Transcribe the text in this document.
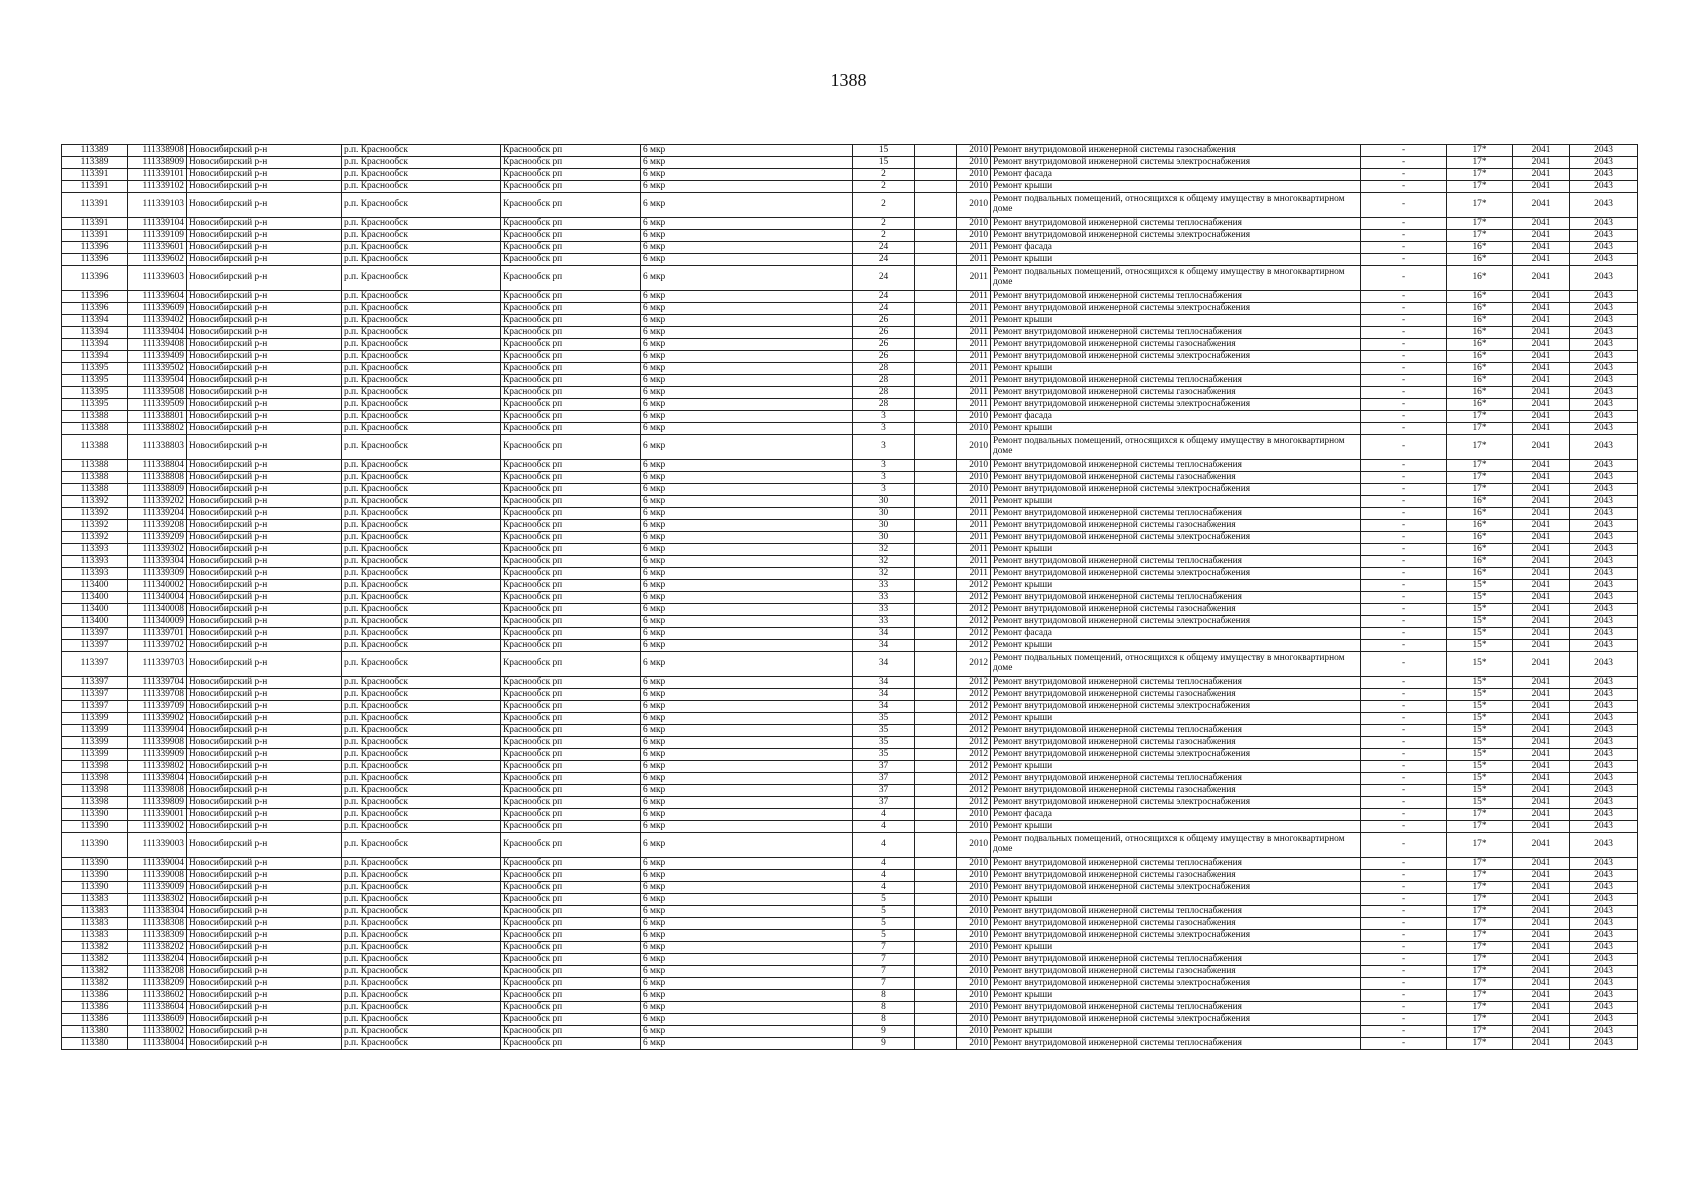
1388
113389	111338908	Новосибирский р-н	р.п. Краснообск	Краснообск рп	6 мкр	15		2010	Ремонт внутридомовой инженерной системы газоснабжения	-	17*	2041	2043
113389	111338909	Новосибирский р-н	р.п. Краснообск	Краснообск рп	6 мкр	15		2010	Ремонт внутридомовой инженерной системы электроснабжения	-	17*	2041	2043
113391	111339101	Новосибирский р-н	р.п. Краснообск	Краснообск рп	6 мкр	2		2010	Ремонт фасада	-	17*	2041	2043
113391	111339102	Новосибирский р-н	р.п. Краснообск	Краснообск рп	6 мкр	2		2010	Ремонт крыши	-	17*	2041	2043
113391	111339103	Новосибирский р-н	р.п. Краснообск	Краснообск рп	6 мкр	2		2010	Ремонт подвальных помещений, относящихся к общему имуществу в многоквартирном доме	-	17*	2041	2043
113391	111339104	Новосибирский р-н	р.п. Краснообск	Краснообск рп	6 мкр	2		2010	Ремонт внутридомовой инженерной системы теплоснабжения	-	17*	2041	2043
113391	111339109	Новосибирский р-н	р.п. Краснообск	Краснообск рп	6 мкр	2		2010	Ремонт внутридомовой инженерной системы электроснабжения	-	17*	2041	2043
113396	111339601	Новосибирский р-н	р.п. Краснообск	Краснообск рп	6 мкр	24		2011	Ремонт фасада	-	16*	2041	2043
113396	111339602	Новосибирский р-н	р.п. Краснообск	Краснообск рп	6 мкр	24		2011	Ремонт крыши	-	16*	2041	2043
113396	111339603	Новосибирский р-н	р.п. Краснообск	Краснообск рп	6 мкр	24		2011	Ремонт подвальных помещений, относящихся к общему имуществу в многоквартирном доме	-	16*	2041	2043
113396	111339604	Новосибирский р-н	р.п. Краснообск	Краснообск рп	6 мкр	24		2011	Ремонт внутридомовой инженерной системы теплоснабжения	-	16*	2041	2043
113396	111339609	Новосибирский р-н	р.п. Краснообск	Краснообск рп	6 мкр	24		2011	Ремонт внутридомовой инженерной системы электроснабжения	-	16*	2041	2043
113394	111339402	Новосибирский р-н	р.п. Краснообск	Краснообск рп	6 мкр	26		2011	Ремонт крыши	-	16*	2041	2043
113394	111339404	Новосибирский р-н	р.п. Краснообск	Краснообск рп	6 мкр	26		2011	Ремонт внутридомовой инженерной системы теплоснабжения	-	16*	2041	2043
113394	111339408	Новосибирский р-н	р.п. Краснообск	Краснообск рп	6 мкр	26		2011	Ремонт внутридомовой инженерной системы газоснабжения	-	16*	2041	2043
113394	111339409	Новосибирский р-н	р.п. Краснообск	Краснообск рп	6 мкр	26		2011	Ремонт внутридомовой инженерной системы электроснабжения	-	16*	2041	2043
113395	111339502	Новосибирский р-н	р.п. Краснообск	Краснообск рп	6 мкр	28		2011	Ремонт крыши	-	16*	2041	2043
113395	111339504	Новосибирский р-н	р.п. Краснообск	Краснообск рп	6 мкр	28		2011	Ремонт внутридомовой инженерной системы теплоснабжения	-	16*	2041	2043
113395	111339508	Новосибирский р-н	р.п. Краснообск	Краснообск рп	6 мкр	28		2011	Ремонт внутридомовой инженерной системы газоснабжения	-	16*	2041	2043
113395	111339509	Новосибирский р-н	р.п. Краснообск	Краснообск рп	6 мкр	28		2011	Ремонт внутридомовой инженерной системы электроснабжения	-	16*	2041	2043
113388	111338801	Новосибирский р-н	р.п. Краснообск	Краснообск рп	6 мкр	3		2010	Ремонт фасада	-	17*	2041	2043
113388	111338802	Новосибирский р-н	р.п. Краснообск	Краснообск рп	6 мкр	3		2010	Ремонт крыши	-	17*	2041	2043
113388	111338803	Новосибирский р-н	р.п. Краснообск	Краснообск рп	6 мкр	3		2010	Ремонт подвальных помещений, относящихся к общему имуществу в многоквартирном доме	-	17*	2041	2043
113388	111338804	Новосибирский р-н	р.п. Краснообск	Краснообск рп	6 мкр	3		2010	Ремонт внутридомовой инженерной системы теплоснабжения	-	17*	2041	2043
113388	111338808	Новосибирский р-н	р.п. Краснообск	Краснообск рп	6 мкр	3		2010	Ремонт внутридомовой инженерной системы газоснабжения	-	17*	2041	2043
113388	111338809	Новосибирский р-н	р.п. Краснообск	Краснообск рп	6 мкр	3		2010	Ремонт внутридомовой инженерной системы электроснабжения	-	17*	2041	2043
113392	111339202	Новосибирский р-н	р.п. Краснообск	Краснообск рп	6 мкр	30		2011	Ремонт крыши	-	16*	2041	2043
113392	111339204	Новосибирский р-н	р.п. Краснообск	Краснообск рп	6 мкр	30		2011	Ремонт внутридомовой инженерной системы теплоснабжения	-	16*	2041	2043
113392	111339208	Новосибирский р-н	р.п. Краснообск	Краснообск рп	6 мкр	30		2011	Ремонт внутридомовой инженерной системы газоснабжения	-	16*	2041	2043
113392	111339209	Новосибирский р-н	р.п. Краснообск	Краснообск рп	6 мкр	30		2011	Ремонт внутридомовой инженерной системы электроснабжения	-	16*	2041	2043
113393	111339302	Новосибирский р-н	р.п. Краснообск	Краснообск рп	6 мкр	32		2011	Ремонт крыши	-	16*	2041	2043
113393	111339304	Новосибирский р-н	р.п. Краснообск	Краснообск рп	6 мкр	32		2011	Ремонт внутридомовой инженерной системы теплоснабжения	-	16*	2041	2043
113393	111339309	Новосибирский р-н	р.п. Краснообск	Краснообск рп	6 мкр	32		2011	Ремонт внутридомовой инженерной системы электроснабжения	-	16*	2041	2043
113400	111340002	Новосибирский р-н	р.п. Краснообск	Краснообск рп	6 мкр	33		2012	Ремонт крыши	-	15*	2041	2043
113400	111340004	Новосибирский р-н	р.п. Краснообск	Краснообск рп	6 мкр	33		2012	Ремонт внутридомовой инженерной системы теплоснабжения	-	15*	2041	2043
113400	111340008	Новосибирский р-н	р.п. Краснообск	Краснообск рп	6 мкр	33		2012	Ремонт внутридомовой инженерной системы газоснабжения	-	15*	2041	2043
113400	111340009	Новосибирский р-н	р.п. Краснообск	Краснообск рп	6 мкр	33		2012	Ремонт внутридомовой инженерной системы электроснабжения	-	15*	2041	2043
113397	111339701	Новосибирский р-н	р.п. Краснообск	Краснообск рп	6 мкр	34		2012	Ремонт фасада	-	15*	2041	2043
113397	111339702	Новосибирский р-н	р.п. Краснообск	Краснообск рп	6 мкр	34		2012	Ремонт крыши	-	15*	2041	2043
113397	111339703	Новосибирский р-н	р.п. Краснообск	Краснообск рп	6 мкр	34		2012	Ремонт подвальных помещений, относящихся к общему имуществу в многоквартирном доме	-	15*	2041	2043
113397	111339704	Новосибирский р-н	р.п. Краснообск	Краснообск рп	6 мкр	34		2012	Ремонт внутридомовой инженерной системы теплоснабжения	-	15*	2041	2043
113397	111339708	Новосибирский р-н	р.п. Краснообск	Краснообск рп	6 мкр	34		2012	Ремонт внутридомовой инженерной системы газоснабжения	-	15*	2041	2043
113397	111339709	Новосибирский р-н	р.п. Краснообск	Краснообск рп	6 мкр	34		2012	Ремонт внутридомовой инженерной системы электроснабжения	-	15*	2041	2043
113399	111339902	Новосибирский р-н	р.п. Краснообск	Краснообск рп	6 мкр	35		2012	Ремонт крыши	-	15*	2041	2043
113399	111339904	Новосибирский р-н	р.п. Краснообск	Краснообск рп	6 мкр	35		2012	Ремонт внутридомовой инженерной системы теплоснабжения	-	15*	2041	2043
113399	111339908	Новосибирский р-н	р.п. Краснообск	Краснообск рп	6 мкр	35		2012	Ремонт внутридомовой инженерной системы газоснабжения	-	15*	2041	2043
113399	111339909	Новосибирский р-н	р.п. Краснообск	Краснообск рп	6 мкр	35		2012	Ремонт внутридомовой инженерной системы электроснабжения	-	15*	2041	2043
113398	111339802	Новосибирский р-н	р.п. Краснообск	Краснообск рп	6 мкр	37		2012	Ремонт крыши	-	15*	2041	2043
113398	111339804	Новосибирский р-н	р.п. Краснообск	Краснообск рп	6 мкр	37		2012	Ремонт внутридомовой инженерной системы теплоснабжения	-	15*	2041	2043
113398	111339808	Новосибирский р-н	р.п. Краснообск	Краснообск рп	6 мкр	37		2012	Ремонт внутридомовой инженерной системы газоснабжения	-	15*	2041	2043
113398	111339809	Новосибирский р-н	р.п. Краснообск	Краснообск рп	6 мкр	37		2012	Ремонт внутридомовой инженерной системы электроснабжения	-	15*	2041	2043
113390	111339001	Новосибирский р-н	р.п. Краснообск	Краснообск рп	6 мкр	4		2010	Ремонт фасада	-	17*	2041	2043
113390	111339002	Новосибирский р-н	р.п. Краснообск	Краснообск рп	6 мкр	4		2010	Ремонт крыши	-	17*	2041	2043
113390	111339003	Новосибирский р-н	р.п. Краснообск	Краснообск рп	6 мкр	4		2010	Ремонт подвальных помещений, относящихся к общему имуществу в многоквартирном доме	-	17*	2041	2043
113390	111339004	Новосибирский р-н	р.п. Краснообск	Краснообск рп	6 мкр	4		2010	Ремонт внутридомовой инженерной системы теплоснабжения	-	17*	2041	2043
113390	111339008	Новосибирский р-н	р.п. Краснообск	Краснообск рп	6 мкр	4		2010	Ремонт внутридомовой инженерной системы газоснабжения	-	17*	2041	2043
113390	111339009	Новосибирский р-н	р.п. Краснообск	Краснообск рп	6 мкр	4		2010	Ремонт внутридомовой инженерной системы электроснабжения	-	17*	2041	2043
113383	111338302	Новосибирский р-н	р.п. Краснообск	Краснообск рп	6 мкр	5		2010	Ремонт крыши	-	17*	2041	2043
113383	111338304	Новосибирский р-н	р.п. Краснообск	Краснообск рп	6 мкр	5		2010	Ремонт внутридомовой инженерной системы теплоснабжения	-	17*	2041	2043
113383	111338308	Новосибирский р-н	р.п. Краснообск	Краснообск рп	6 мкр	5		2010	Ремонт внутридомовой инженерной системы газоснабжения	-	17*	2041	2043
113383	111338309	Новосибирский р-н	р.п. Краснообск	Краснообск рп	6 мкр	5		2010	Ремонт внутридомовой инженерной системы электроснабжения	-	17*	2041	2043
113382	111338202	Новосибирский р-н	р.п. Краснообск	Краснообск рп	6 мкр	7		2010	Ремонт крыши	-	17*	2041	2043
113382	111338204	Новосибирский р-н	р.п. Краснообск	Краснообск рп	6 мкр	7		2010	Ремонт внутридомовой инженерной системы теплоснабжения	-	17*	2041	2043
113382	111338208	Новосибирский р-н	р.п. Краснообск	Краснообск рп	6 мкр	7		2010	Ремонт внутридомовой инженерной системы газоснабжения	-	17*	2041	2043
113382	111338209	Новосибирский р-н	р.п. Краснообск	Краснообск рп	6 мкр	7		2010	Ремонт внутридомовой инженерной системы электроснабжения	-	17*	2041	2043
113386	111338602	Новосибирский р-н	р.п. Краснообск	Краснообск рп	6 мкр	8		2010	Ремонт крыши	-	17*	2041	2043
113386	111338604	Новосибирский р-н	р.п. Краснообск	Краснообск рп	6 мкр	8		2010	Ремонт внутридомовой инженерной системы теплоснабжения	-	17*	2041	2043
113386	111338609	Новосибирский р-н	р.п. Краснообск	Краснообск рп	6 мкр	8		2010	Ремонт внутридомовой инженерной системы электроснабжения	-	17*	2041	2043
113380	111338002	Новосибирский р-н	р.п. Краснообск	Краснообск рп	6 мкр	9		2010	Ремонт крыши	-	17*	2041	2043
113380	111338004	Новосибирский р-н	р.п. Краснообск	Краснообск рп	6 мкр	9		2010	Ремонт внутридомовой инженерной системы теплоснабжения	-	17*	2041	2043
